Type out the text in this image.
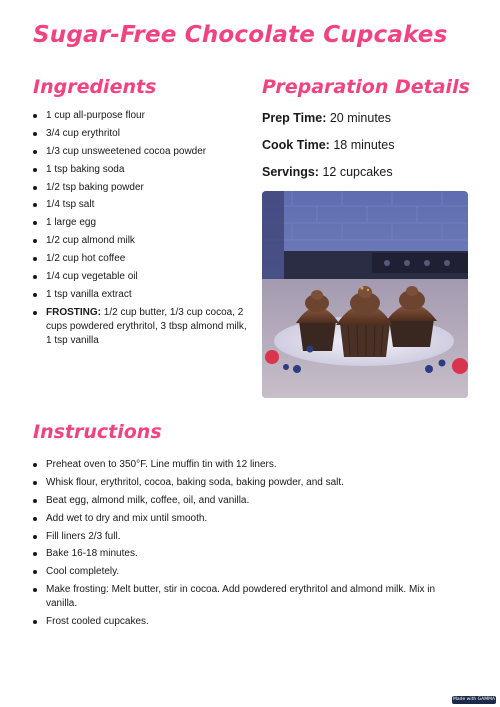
Sugar-Free Chocolate Cupcakes
Ingredients
1 cup all-purpose flour
3/4 cup erythritol
1/3 cup unsweetened cocoa powder
1 tsp baking soda
1/2 tsp baking powder
1/4 tsp salt
1 large egg
1/2 cup almond milk
1/2 cup hot coffee
1/4 cup vegetable oil
1 tsp vanilla extract
FROSTING: 1/2 cup butter, 1/3 cup cocoa, 2 cups powdered erythritol, 3 tbsp almond milk, 1 tsp vanilla
Preparation Details
Prep Time: 20 minutes
Cook Time: 18 minutes
Servings: 12 cupcakes
Instructions
Preheat oven to 350°F. Line muffin tin with 12 liners.
Whisk flour, erythritol, cocoa, baking soda, baking powder, and salt.
Beat egg, almond milk, coffee, oil, and vanilla.
Add wet to dry and mix until smooth.
Fill liners 2/3 full.
Bake 16-18 minutes.
Cool completely.
Make frosting: Melt butter, stir in cocoa. Add powdered erythritol and almond milk. Mix in vanilla.
Frost cooled cupcakes.
Made with GAMMA
